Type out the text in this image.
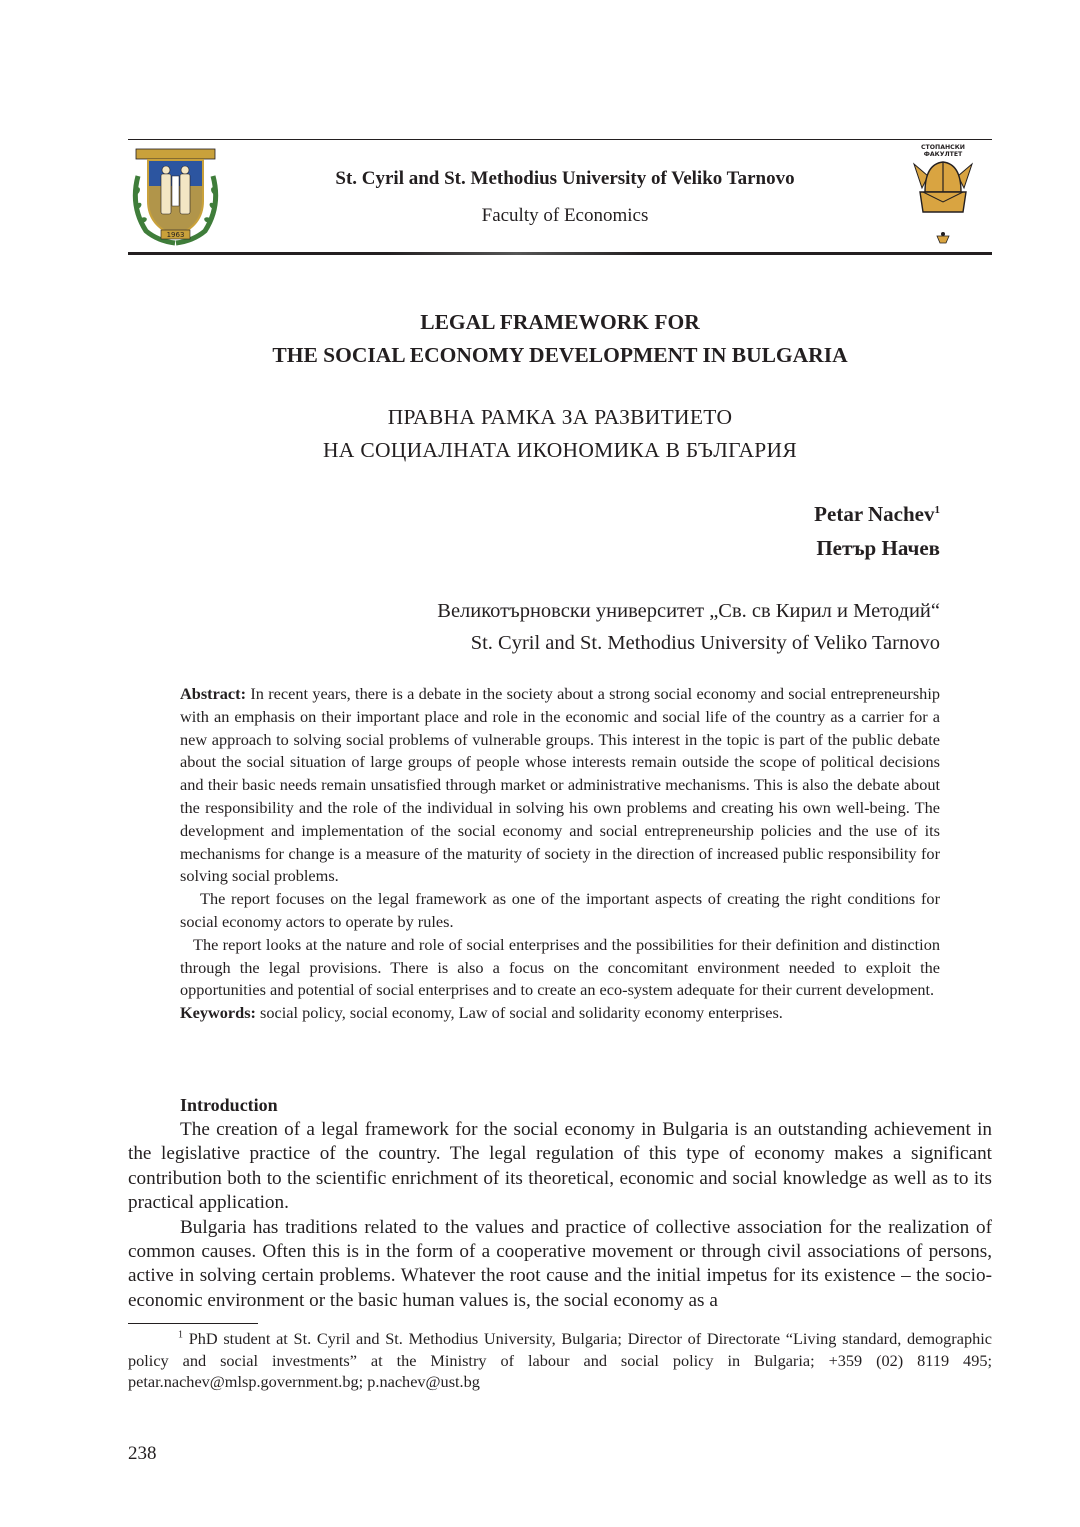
1963
St. Cyril and St. Methodius University of Veliko Tarnovo
Faculty of Economics
СТОПАНСКИ
ФАКУЛТЕТ
LEGAL FRAMEWORK FOR
THE SOCIAL ECONOMY DEVELOPMENT IN BULGARIA
ПРАВНА РАМКА ЗА РАЗВИТИЕТО
НА СОЦИАЛНАТА ИКОНОМИКА В БЪЛГАРИЯ
Petar Nachev$^1$
Петър Начев
Великотърновски университет „Св. св Кирил и Методий“
St. Cyril and St. Methodius University of Veliko Tarnovo

Abstract: In recent years, there is a debate in the society about a strong social economy and social entrepreneurship with an emphasis on their important place and role in the economic and social life of the country as a carrier for a new approach to solving social problems of vulnerable groups. This interest in the topic is part of the public debate about the social situation of large groups of people whose interests remain outside the scope of political decisions and their basic needs remain unsatisfied through market or administrative mechanisms. This is also the debate about the responsibility and the role of the individual in solving his own problems and creating his own well-being. The development and implementation of the social economy and social entrepreneurship policies and the use of its mechanisms for change is a measure of the maturity of society in the direction of increased public responsibility for solving social problems.

The report focuses on the legal framework as one of the important aspects of creating the right conditions for social economy actors to operate by rules.

The report looks at the nature and role of social enterprises and the possibilities for their definition and distinction through the legal provisions. There is also a focus on the concomitant environment needed to exploit the opportunities and potential of social enterprises and to create an eco-system adequate for their current development.

Keywords: social policy, social economy, Law of social and solidarity economy enterprises.

Introduction

The creation of a legal framework for the social economy in Bulgaria is an outstanding achievement in the legislative practice of the country. The legal regulation of this type of economy makes a significant contribution both to the scientific enrichment of its theoretical, economic and social knowledge as well as to its practical application.

Bulgaria has traditions related to the values and practice of collective association for the realization of common causes. Often this is in the form of a cooperative movement or through civil associations of persons, active in solving certain problems. Whatever the root cause and the initial impetus for its existence – the socio-economic environment or the basic human values is, the social economy as a

$^1$ PhD student at St. Cyril and St. Methodius University, Bulgaria; Director of Directorate “Living standard, demographic policy and social investments” at the Ministry of labour and social policy in Bulgaria; +359 (02) 8119 495; petar.nachev@mlsp.government.bg; p.nachev@ust.bg

238
